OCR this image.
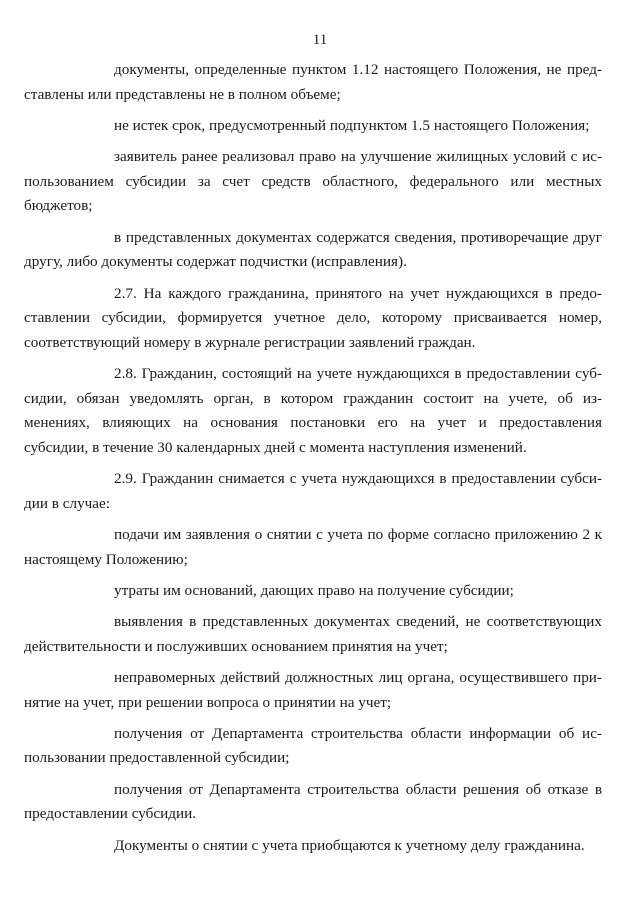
11

документы, определенные пунктом 1.12 настоящего Положения, не пред-
ставлены или представлены не в полном объеме;

не истек срок, предусмотренный подпунктом 1.5 настоящего Положения;

заявитель ранее реализовал право на улучшение жилищных условий с ис-
пользованием субсидии за счет средств областного, федерального или местных
бюджетов;

в представленных документах содержатся сведения, противоречащие друг
другу, либо документы содержат подчистки (исправления).

2.7. На каждого гражданина, принятого на учет нуждающихся в предо-
ставлении субсидии, формируется учетное дело, которому присваивается номер,
соответствующий номеру в журнале регистрации заявлений граждан.

2.8. Гражданин, состоящий на учете нуждающихся в предоставлении суб-
сидии, обязан уведомлять орган, в котором гражданин состоит на учете, об из-
менениях, влияющих на основания постановки его на учет и предоставления
субсидии, в течение 30 календарных дней с момента наступления изменений.

2.9. Гражданин снимается с учета нуждающихся в предоставлении субси-
дии в случае:

подачи им заявления о снятии с учета по форме согласно приложению 2 к
настоящему Положению;

утраты им оснований, дающих право на получение субсидии;

выявления в представленных документах сведений, не соответствующих
действительности и послуживших основанием принятия на учет;

неправомерных действий должностных лиц органа, осуществившего при-
нятие на учет, при решении вопроса о принятии на учет;

получения от Департамента строительства области информации об ис-
пользовании предоставленной субсидии;

получения от Департамента строительства области решения об отказе в
предоставлении субсидии.

Документы о снятии с учета приобщаются к учетному делу гражданина.
